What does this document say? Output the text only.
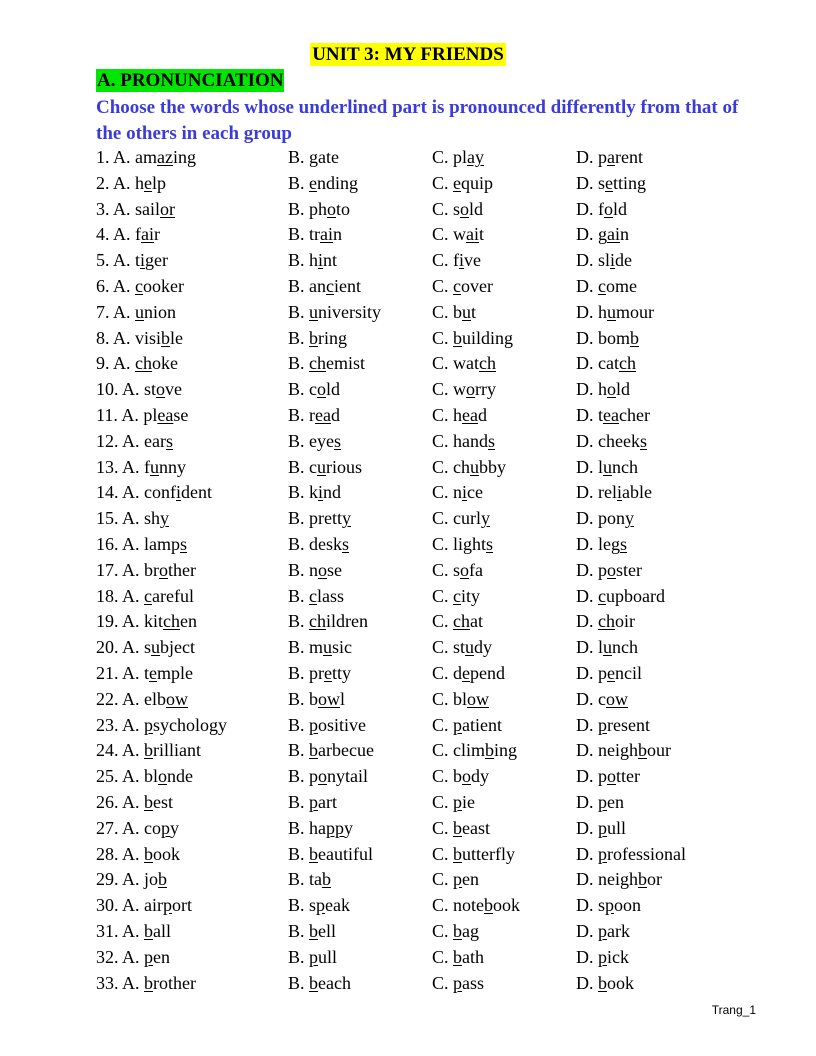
UNIT 3: MY FRIENDS
A. PRONUNCIATION
Choose the words whose underlined part is pronounced differently from that of the others in each group
1. A. amazing	B. gate	C. play	D. parent
2. A. help	B. ending	C. equip	D. setting
3. A. sailor	B. photo	C. sold	D. fold
4. A. fair	B. train	C. wait	D. gain
5. A. tiger	B. hint	C. five	D. slide
6. A. cooker	B. ancient	C. cover	D. come
7. A. union	B. university	C. but	D. humour
8. A. visible	B. bring	C. building	D. bomb
9. A. choke	B. chemist	C. watch	D. catch
10. A. stove	B. cold	C. worry	D. hold
11. A. please	B. read	C. head	D. teacher
12. A. ears	B. eyes	C. hands	D. cheeks
13. A. funny	B. curious	C. chubby	D. lunch
14. A. confident	B. kind	C. nice	D. reliable
15. A. shy	B. pretty	C. curly	D. pony
16. A. lamps	B. desks	C. lights	D. legs
17. A. brother	B. nose	C. sofa	D. poster
18. A. careful	B. class	C. city	D. cupboard
19. A. kitchen	B. children	C. chat	D. choir
20. A. subject	B. music	C. study	D. lunch
21. A. temple	B. pretty	C. depend	D. pencil
22. A. elbow	B. bowl	C. blow	D. cow
23. A. psychology	B. positive	C. patient	D. present
24. A. brilliant	B. barbecue	C. climbing	D. neighbour
25. A. blonde	B. ponytail	C. body	D. potter
26. A. best	B. part	C. pie	D. pen
27. A. copy	B. happy	C. beast	D. pull
28. A. book	B. beautiful	C. butterfly	D. professional
29. A. job	B. tab	C. pen	D. neighbor
30. A. airport	B. speak	C. notebook	D. spoon
31. A. ball	B. bell	C. bag	D. park
32. A. pen	B. pull	C. bath	D. pick
33. A. brother	B. beach	C. pass	D. book
Trang_1
